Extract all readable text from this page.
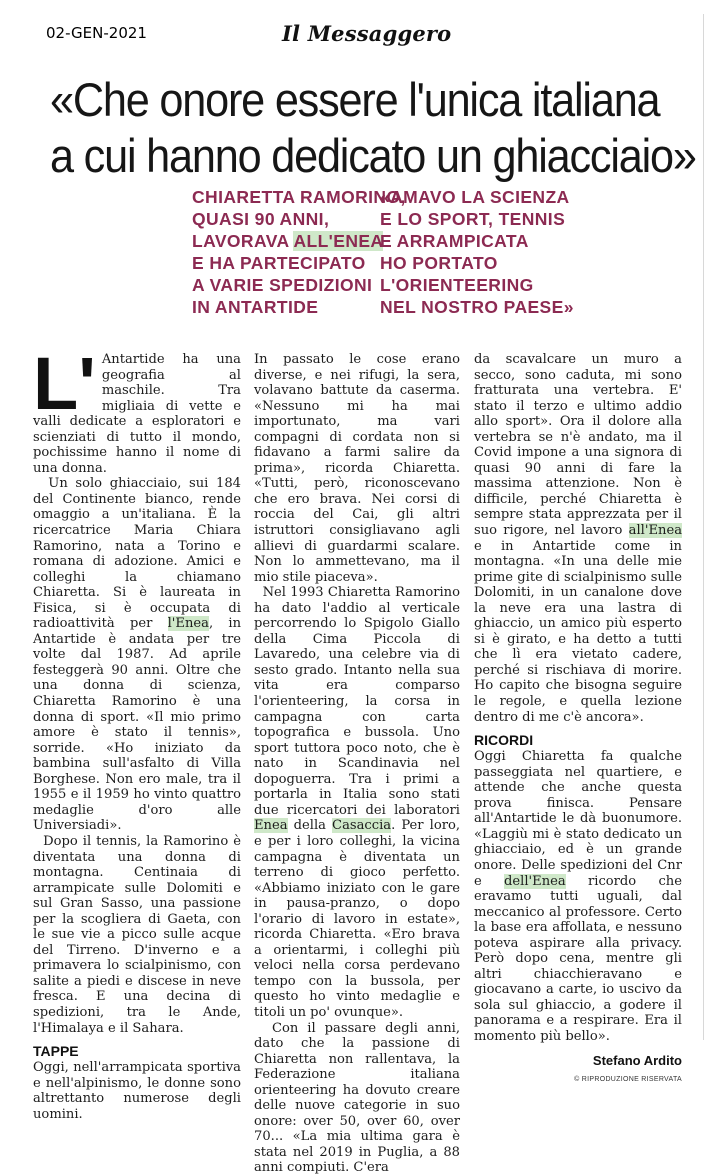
02-GEN-2021	Il Messaggero
«Che onore essere l'unica italiana
a cui hanno dedicato un ghiacciaio»
CHIARETTA RAMORINO,
QUASI 90 ANNI,
LAVORAVA ALL'ENEA
E HA PARTECIPATO
A VARIE SPEDIZIONI
IN ANTARTIDE
«AMAVO LA SCIENZA
E LO SPORT, TENNIS
E ARRAMPICATA
HO PORTATO
L'ORIENTEERING
NEL NOSTRO PAESE»

L' Antartide ha una geografia al maschile. Tra migliaia di vette e valli dedicate a esploratori e scienziati di tutto il mondo, pochissime hanno il nome di una donna.

Un solo ghiacciaio, sui 184 del Continente bianco, rende omaggio a un'italiana. È la ricercatrice Maria Chiara Ramorino, nata a Torino e romana di adozione. Amici e colleghi la chiamano Chiaretta. Si è laureata in Fisica, si è occupata di radioattività per l'Enea, in Antartide è andata per tre volte dal 1987. Ad aprile festeggerà 90 anni. Oltre che una donna di scienza, Chiaretta Ramorino è una donna di sport. «Il mio primo amore è stato il tennis», sorride. «Ho iniziato da bambina sull'asfalto di Villa Borghese. Non ero male, tra il 1955 e il 1959 ho vinto quattro medaglie d'oro alle Universiadi».

Dopo il tennis, la Ramorino è diventata una donna di montagna. Centinaia di arrampicate sulle Dolomiti e sul Gran Sasso, una passione per la scogliera di Gaeta, con le sue vie a picco sulle acque del Tirreno. D'inverno e a primavera lo scialpinismo, con salite a piedi e discese in neve fresca. E una decina di spedizioni, tra le Ande, l'Himalaya e il Sahara.

TAPPE

Oggi, nell'arrampicata sportiva e nell'alpinismo, le donne sono altrettanto numerose degli uomini.

In passato le cose erano diverse, e nei rifugi, la sera, volavano battute da caserma. «Nessuno mi ha mai importunato, ma vari compagni di cordata non si fidavano a farmi salire da prima», ricorda Chiaretta. «Tutti, però, riconoscevano che ero brava. Nei corsi di roccia del Cai, gli altri istruttori consigliavano agli allievi di guardarmi scalare. Non lo ammettevano, ma il mio stile piaceva».

Nel 1993 Chiaretta Ramorino ha dato l'addio al verticale percorrendo lo Spigolo Giallo della Cima Piccola di Lavaredo, una celebre via di sesto grado. Intanto nella sua vita era comparso l'orienteering, la corsa in campagna con carta topografica e bussola. Uno sport tuttora poco noto, che è nato in Scandinavia nel dopoguerra. Tra i primi a portarla in Italia sono stati due ricercatori dei laboratori Enea della Casaccia. Per loro, e per i loro colleghi, la vicina campagna è diventata un terreno di gioco perfetto. «Abbiamo iniziato con le gare in pausa-pranzo, o dopo l'orario di lavoro in estate», ricorda Chiaretta. «Ero brava a orientarmi, i colleghi più veloci nella corsa perdevano tempo con la bussola, per questo ho vinto medaglie e titoli un po' ovunque».

Con il passare degli anni, dato che la passione di Chiaretta non rallentava, la Federazione italiana orienteering ha dovuto creare delle nuove categorie in suo onore: over 50, over 60, over 70... «La mia ultima gara è stata nel 2019 in Puglia, a 88 anni compiuti. C'era

da scavalcare un muro a secco, sono caduta, mi sono fratturata una vertebra. E' stato il terzo e ultimo addio allo sport». Ora il dolore alla vertebra se n'è andato, ma il Covid impone a una signora di quasi 90 anni di fare la massima attenzione. Non è difficile, perché Chiaretta è sempre stata apprezzata per il suo rigore, nel lavoro all'Enea e in Antartide come in montagna. «In una delle mie prime gite di scialpinismo sulle Dolomiti, in un canalone dove la neve era una lastra di ghiaccio, un amico più esperto si è girato, e ha detto a tutti che lì era vietato cadere, perché si rischiava di morire. Ho capito che bisogna seguire le regole, e quella lezione dentro di me c'è ancora».

RICORDI

Oggi Chiaretta fa qualche passeggiata nel quartiere, e attende che anche questa prova finisca. Pensare all'Antartide le dà buonumore. «Laggiù mi è stato dedicato un ghiacciaio, ed è un grande onore. Delle spedizioni del Cnr e dell'Enea ricordo che eravamo tutti uguali, dal meccanico al professore. Certo la base era affollata, e nessuno poteva aspirare alla privacy. Però dopo cena, mentre gli altri chiacchieravano e giocavano a carte, io uscivo da sola sul ghiaccio, a godere il panorama e a respirare. Era il momento più bello».

Stefano Ardito
© RIPRODUZIONE RISERVATA
